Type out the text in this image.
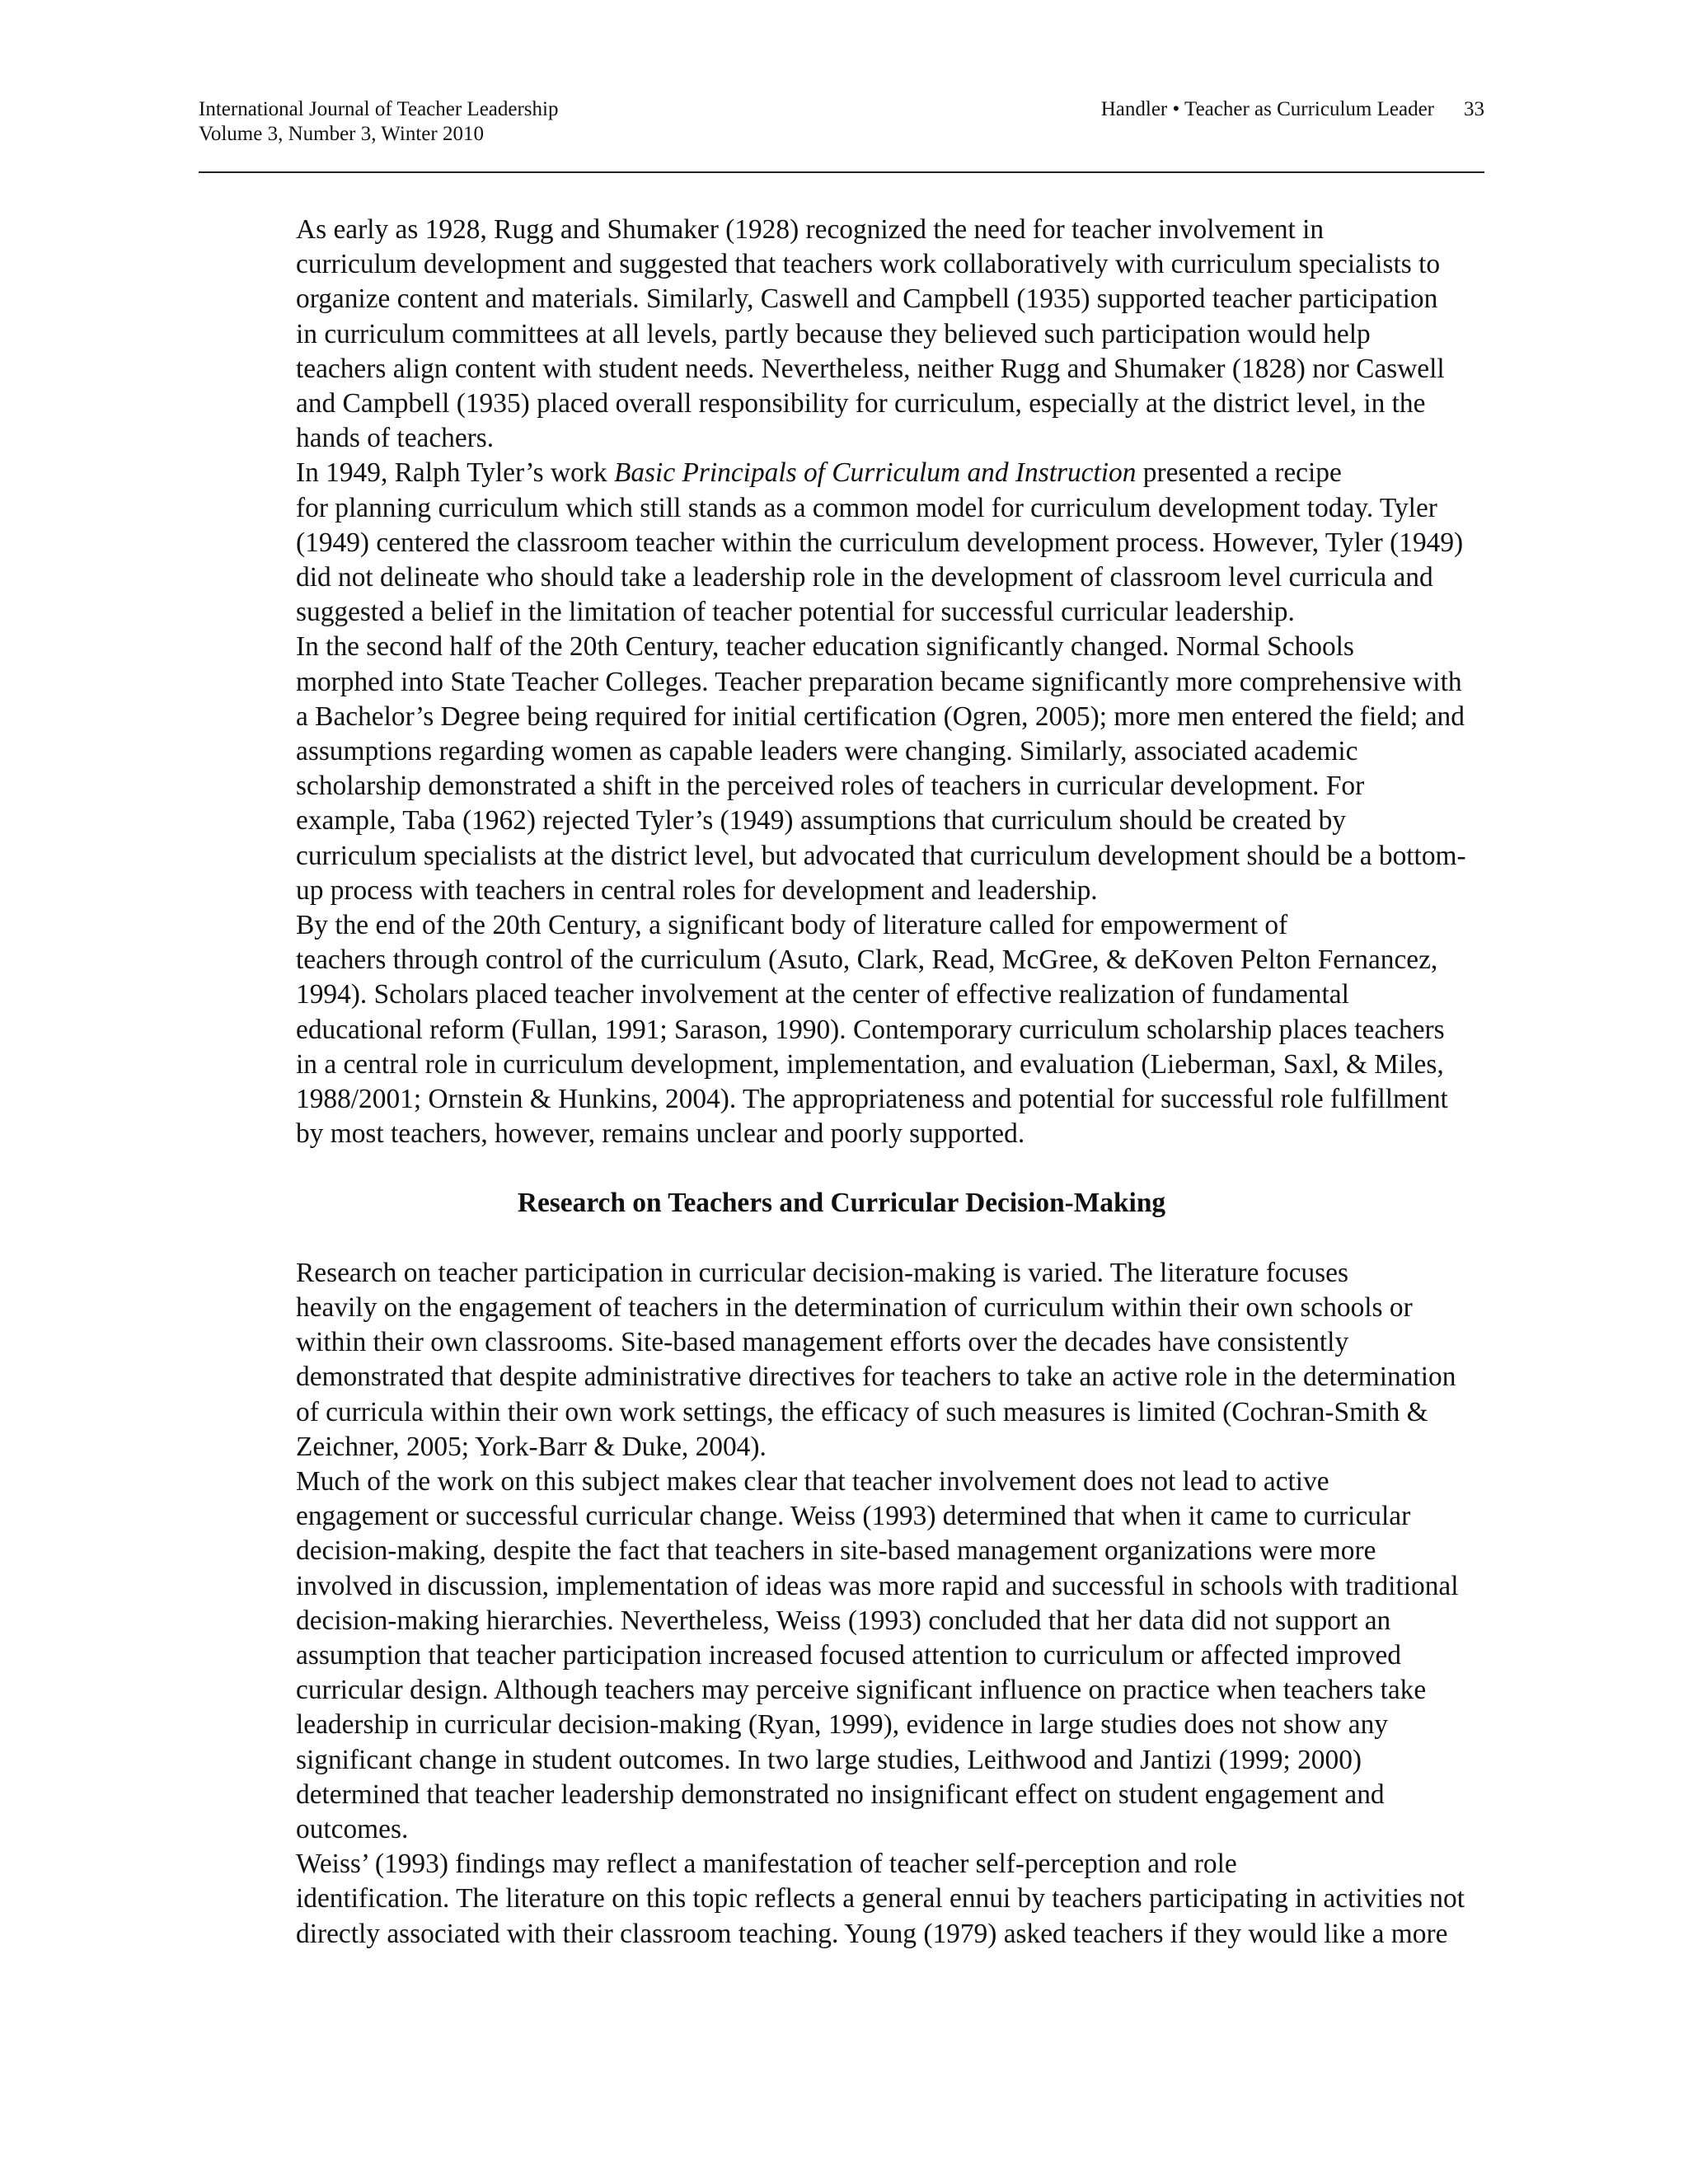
International Journal of Teacher Leadership
Volume 3, Number 3, Winter 2010
Handler • Teacher as Curriculum Leader 33

As early as 1928, Rugg and Shumaker (1928) recognized the need for teacher involvement in
curriculum development and suggested that teachers work collaboratively with curriculum specialists to
organize content and materials. Similarly, Caswell and Campbell (1935) supported teacher participation
in curriculum committees at all levels, partly because they believed such participation would help
teachers align content with student needs. Nevertheless, neither Rugg and Shumaker (1828) nor Caswell
and Campbell (1935) placed overall responsibility for curriculum, especially at the district level, in the
hands of teachers.

In 1949, Ralph Tyler’s work Basic Principals of Curriculum and Instruction presented a recipe
for planning curriculum which still stands as a common model for curriculum development today. Tyler
(1949) centered the classroom teacher within the curriculum development process. However, Tyler (1949)
did not delineate who should take a leadership role in the development of classroom level curricula and
suggested a belief in the limitation of teacher potential for successful curricular leadership.

In the second half of the 20th Century, teacher education significantly changed. Normal Schools
morphed into State Teacher Colleges. Teacher preparation became significantly more comprehensive with
a Bachelor’s Degree being required for initial certification (Ogren, 2005); more men entered the field; and
assumptions regarding women as capable leaders were changing. Similarly, associated academic
scholarship demonstrated a shift in the perceived roles of teachers in curricular development. For
example, Taba (1962) rejected Tyler’s (1949) assumptions that curriculum should be created by
curriculum specialists at the district level, but advocated that curriculum development should be a bottom-
up process with teachers in central roles for development and leadership.

By the end of the 20th Century, a significant body of literature called for empowerment of
teachers through control of the curriculum (Asuto, Clark, Read, McGree, & deKoven Pelton Fernancez,
1994). Scholars placed teacher involvement at the center of effective realization of fundamental
educational reform (Fullan, 1991; Sarason, 1990). Contemporary curriculum scholarship places teachers
in a central role in curriculum development, implementation, and evaluation (Lieberman, Saxl, & Miles,
1988/2001; Ornstein & Hunkins, 2004). The appropriateness and potential for successful role fulfillment
by most teachers, however, remains unclear and poorly supported.

Research on Teachers and Curricular Decision-Making

Research on teacher participation in curricular decision-making is varied. The literature focuses
heavily on the engagement of teachers in the determination of curriculum within their own schools or
within their own classrooms. Site-based management efforts over the decades have consistently
demonstrated that despite administrative directives for teachers to take an active role in the determination
of curricula within their own work settings, the efficacy of such measures is limited (Cochran-Smith &
Zeichner, 2005; York-Barr & Duke, 2004).

Much of the work on this subject makes clear that teacher involvement does not lead to active
engagement or successful curricular change. Weiss (1993) determined that when it came to curricular
decision-making, despite the fact that teachers in site-based management organizations were more
involved in discussion, implementation of ideas was more rapid and successful in schools with traditional
decision-making hierarchies. Nevertheless, Weiss (1993) concluded that her data did not support an
assumption that teacher participation increased focused attention to curriculum or affected improved
curricular design. Although teachers may perceive significant influence on practice when teachers take
leadership in curricular decision-making (Ryan, 1999), evidence in large studies does not show any
significant change in student outcomes. In two large studies, Leithwood and Jantizi (1999; 2000)
determined that teacher leadership demonstrated no insignificant effect on student engagement and
outcomes.

Weiss’ (1993) findings may reflect a manifestation of teacher self-perception and role
identification. The literature on this topic reflects a general ennui by teachers participating in activities not
directly associated with their classroom teaching. Young (1979) asked teachers if they would like a more
